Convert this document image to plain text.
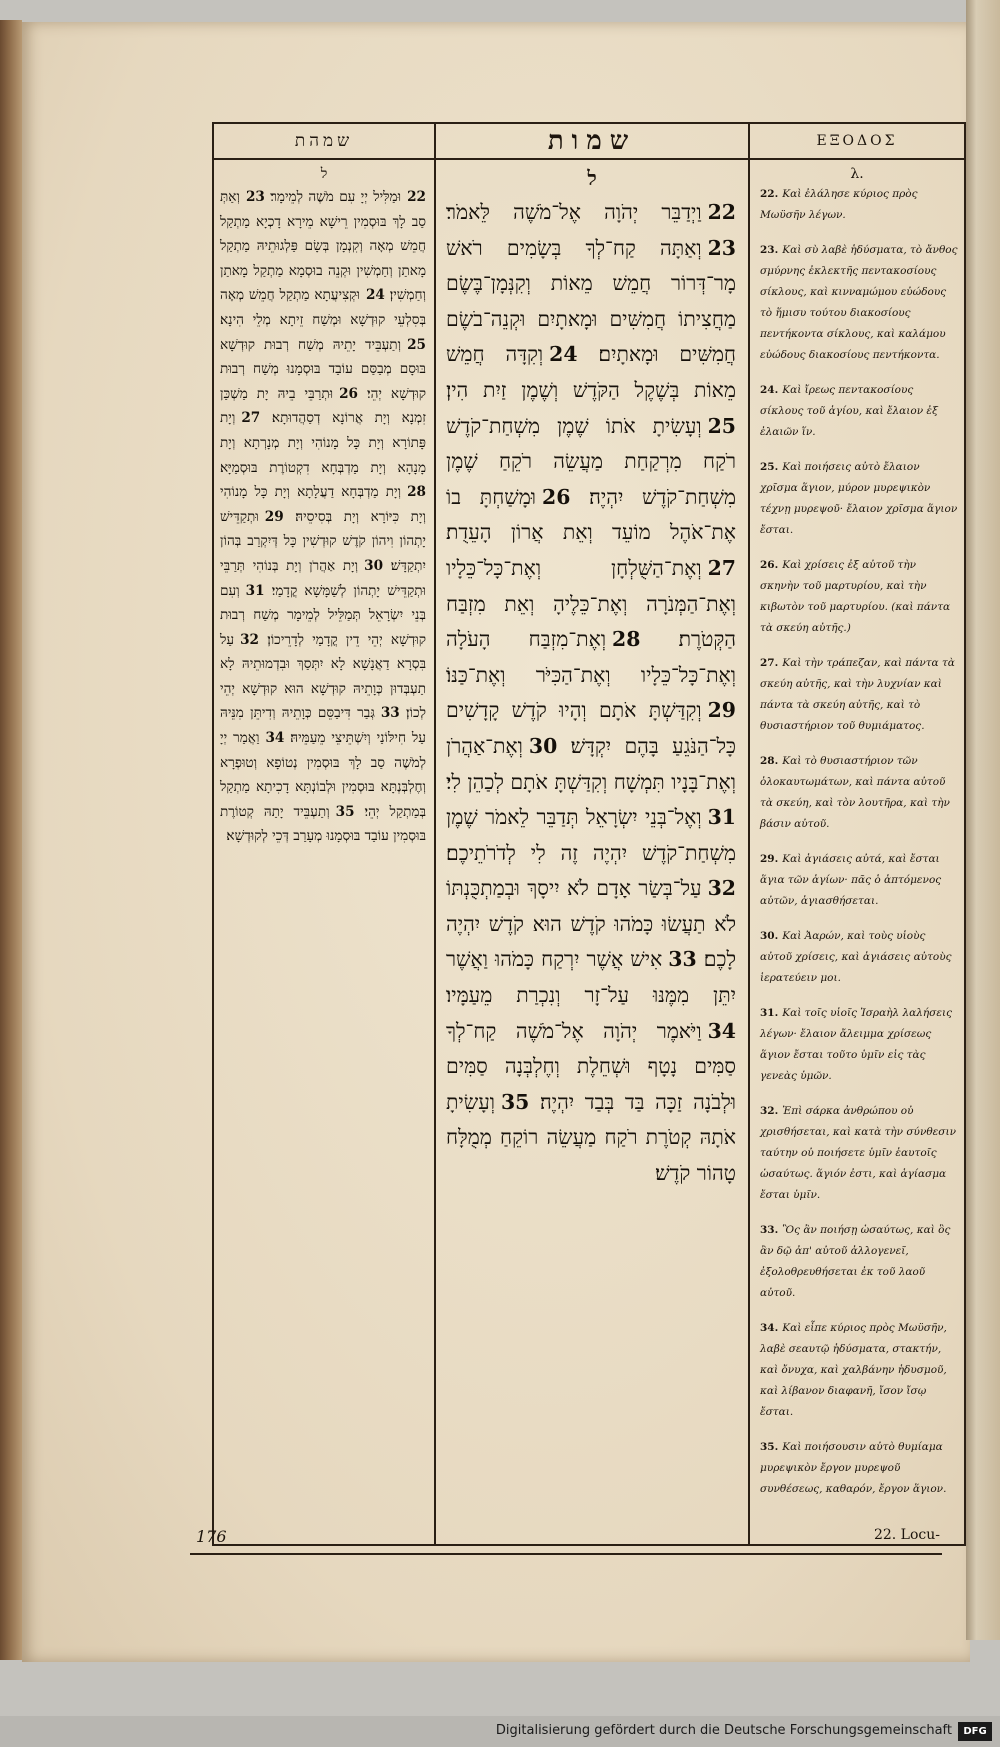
שמהת
ל
22וּמַלִּיל יְיָ עִם מֹשֶׁה לְמֵימָר׃ 23וְאַתְּ סַב לָךְ בּוּסְמִין רֵישָׁא מֵירָא דָכְיָא מַתְקַל חֲמֵשׁ מְאָה וְקִנְמָן בְּשָׂם פַּלְגוּתֵיהּ מַתְקַל מָאתַן וְחַמְשִׁין וּקְנֵה בוּסְמָא מַתְקַל מָאתַן וְחַמְשִׁין׃ 24וּקְצִיעֲתָא מַתְקַל חֲמֵשׁ מְאָה בְּסִלְעֵי קוּדְשָׁא וּמְשַׁח זֵיתָא מְלֵי הִינָא׃ 25וְתַעְבֵּיד יָתֵיהּ מְשַׁח רְבוּת קוּדְשָׁא בּוּסָם מְבַסַּם עוֹבַד בּוּסְמָנוּ מְשַׁח רְבוּת קוּדְשָׁא יְהֵי׃ 26וּתְרַבֵּי בֵיהּ יָת מַשְׁכַּן זִמְנָא וְיָת אֲרוֹנָא דְסַהֲדוּתָא׃ 27וְיָת פָּתוֹרָא וְיָת כָּל מָנוֹהִי וְיָת מְנָרְתָא וְיָת מָנָהָא וְיָת מַדְבְּחָא דִקְטוֹרֶת בּוּסְמַיָּא׃ 28וְיָת מַדְבְּחָא דַעֲלָתָא וְיָת כָּל מָנוֹהִי וְיָת כִּיּוֹרָא וְיָת בְּסִיסֵיהּ׃ 29וּתְקַדֵּישׁ יָתְהוֹן וִיהוֹן קֹדֶשׁ קוּדְשִׁין כָּל דְּיִקְרַב בְּהוֹן יִתְקַדָּשׁ׃ 30וְיָת אַהֲרֹן וְיָת בְּנוֹהִי תְּרַבֵּי וּתְקַדֵּישׁ יָתְהוֹן לְשַׁמָּשָׁא קֳדָמַי׃ 31וְעִם בְּנֵי יִשְׂרָאֵל תְּמַלֵּיל לְמֵימָר מְשַׁח רְבוּת קוּדְשָׁא יְהֵי דֵין קֳדָמַי לְדָרֵיכוֹן׃ 32עַל בִּסְרָא דַאֲנָשָׁא לָא יִתְּסַךְ וּבִדְמוּתֵיהּ לָא תַעְבְּדוּן כְּוָתֵיהּ קוּדְשָׁא הוּא קוּדְשָׁא יְהֵי לְכוֹן׃ 33גְּבַר דִּיבַסֵּם כְּוָתֵיהּ וְדִיתֵּן מִנֵּיהּ עַל חִילּוֹנַי וְיִשְׁתֵּיצֵי מֵעַמֵּיהּ׃ 34וַאֲמַר יְיָ לְמֹשֶׁה סַב לָךְ בּוּסְמִין נְטוֹפָא וְטוּפְרָא וְחֶלְבְּנְתָּא בּוּסְמִין וּלְבוֹנְתָּא דָכִיתָא מַתְקַל בְּמַתְקַל יְהֵי׃ 35וְתַעְבֵּיד יָתַהּ קְטוֹרֶת בּוּסְמִין עוֹבַד בּוּסְמָנוּ מְעָרַב דְּכֵי לְקוּדְשָׁא׃
שמות
ל
22וַיְדַבֵּר יְהֹוָה אֶל־מֹשֶׁה לֵּאמֹר׃ 23וְאַתָּה קַח־לְךָ בְּשָׂמִים רֹאשׁ מָר־דְּרוֹר חֲמֵשׁ מֵאוֹת וְקִנְּמָן־בֶּשֶׂם מַחֲצִיתוֹ חֲמִשִּׁים וּמָאתָיִם וּקְנֵה־בֹשֶׂם חֲמִשִּׁים וּמָאתָיִם׃ 24וְקִדָּה חֲמֵשׁ מֵאוֹת בְּשֶׁקֶל הַקֹּדֶשׁ וְשֶׁמֶן זַיִת הִין׃ 25וְעָשִׂיתָ אֹתוֹ שֶׁמֶן מִשְׁחַת־קֹדֶשׁ רֹקַח מִרְקַחַת מַעֲשֵׂה רֹקֵחַ שֶׁמֶן מִשְׁחַת־קֹדֶשׁ יִהְיֶה׃ 26וּמָשַׁחְתָּ בוֹ אֶת־אֹהֶל מוֹעֵד וְאֵת אֲרוֹן הָעֵדֻת׃ 27וְאֶת־הַשֻּׁלְחָן וְאֶת־כָּל־כֵּלָיו וְאֶת־הַמְּנֹרָה וְאֶת־כֵּלֶיהָ וְאֵת מִזְבַּח הַקְּטֹרֶת׃ 28וְאֶת־מִזְבַּח הָעֹלָה וְאֶת־כָּל־כֵּלָיו וְאֶת־הַכִּיֹּר וְאֶת־כַּנּוֹ׃ 29וְקִדַּשְׁתָּ אֹתָם וְהָיוּ קֹדֶשׁ קָדָשִׁים כָּל־הַנֹּגֵעַ בָּהֶם יִקְדָּשׁ׃ 30וְאֶת־אַהֲרֹן וְאֶת־בָּנָיו תִּמְשָׁח וְקִדַּשְׁתָּ אֹתָם לְכַהֵן לִי׃ 31וְאֶל־בְּנֵי יִשְׂרָאֵל תְּדַבֵּר לֵאמֹר שֶׁמֶן מִשְׁחַת־קֹדֶשׁ יִהְיֶה זֶה לִי לְדֹרֹתֵיכֶם׃ 32עַל־בְּשַׂר אָדָם לֹא יִיסָךְ וּבְמַתְכֻּנְתּוֹ לֹא תַעֲשׂוּ כָּמֹהוּ קֹדֶשׁ הוּא קֹדֶשׁ יִהְיֶה לָכֶם׃ 33אִישׁ אֲשֶׁר יִרְקַח כָּמֹהוּ וַאֲשֶׁר יִתֵּן מִמֶּנּוּ עַל־זָר וְנִכְרַת מֵעַמָּיו׃ 34וַיֹּאמֶר יְהֹוָה אֶל־מֹשֶׁה קַח־לְךָ סַמִּים נָטָף וּשְׁחֵלֶת וְחֶלְבְּנָה סַמִּים וּלְבֹנָה זַכָּה בַּד בְּבַד יִהְיֶה׃ 35וְעָשִׂיתָ אֹתָהּ קְטֹרֶת רֹקַח מַעֲשֵׂה רוֹקֵחַ מְמֻלָּח טָהוֹר קֹדֶשׁ׃
ΕΞΟΔΟΣ
λ.
22. Καὶ ἐλάλησε κύριος πρὸς Μωϋσῆν λέγων.
23. Καὶ σὺ λαβὲ ἡδύσματα, τὸ ἄνθος σμύρνης ἐκλεκτῆς πεντακοσίους σίκλους, καὶ κινναμώμου εὐώδους τὸ ἥμισυ τούτου διακοσίους πεντήκοντα σίκλους, καὶ καλάμου εὐώδους διακοσίους πεντήκοντα.
24. Καὶ ἴρεως πεντακοσίους σίκλους τοῦ ἁγίου, καὶ ἔλαιον ἐξ ἐλαιῶν ἵν.
25. Καὶ ποιήσεις αὐτὸ ἔλαιον χρῖσμα ἅγιον, μύρον μυρεψικὸν τέχνῃ μυρεψοῦ· ἔλαιον χρῖσμα ἅγιον ἔσται.
26. Καὶ χρίσεις ἐξ αὐτοῦ τὴν σκηνὴν τοῦ μαρτυρίου, καὶ τὴν κιβωτὸν τοῦ μαρτυρίου. (καὶ πάντα τὰ σκεύη αὐτῆς.)
27. Καὶ τὴν τράπεζαν, καὶ πάντα τὰ σκεύη αὐτῆς, καὶ τὴν λυχνίαν καὶ πάντα τὰ σκεύη αὐτῆς, καὶ τὸ θυσιαστήριον τοῦ θυμιάματος.
28. Καὶ τὸ θυσιαστήριον τῶν ὁλοκαυτωμάτων, καὶ πάντα αὐτοῦ τὰ σκεύη, καὶ τὸν λουτῆρα, καὶ τὴν βάσιν αὐτοῦ.
29. Καὶ ἁγιάσεις αὐτά, καὶ ἔσται ἅγια τῶν ἁγίων· πᾶς ὁ ἁπτόμενος αὐτῶν, ἁγιασθήσεται.
30. Καὶ Ἀαρών, καὶ τοὺς υἱοὺς αὐτοῦ χρίσεις, καὶ ἁγιάσεις αὐτοὺς ἱερατεύειν μοι.
31. Καὶ τοῖς υἱοῖς Ἰσραὴλ λαλήσεις λέγων· ἔλαιον ἄλειμμα χρίσεως ἅγιον ἔσται τοῦτο ὑμῖν εἰς τὰς γενεὰς ὑμῶν.
32. Ἐπὶ σάρκα ἀνθρώπου οὐ χρισθήσεται, καὶ κατὰ τὴν σύνθεσιν ταύτην οὐ ποιήσετε ὑμῖν ἑαυτοῖς ὡσαύτως. ἅγιόν ἐστι, καὶ ἁγίασμα ἔσται ὑμῖν.
33. Ὃς ἂν ποιήσῃ ὡσαύτως, καὶ ὃς ἂν δῷ ἀπ' αὐτοῦ ἀλλογενεῖ, ἐξολοθρευθήσεται ἐκ τοῦ λαοῦ αὐτοῦ.
34. Καὶ εἶπε κύριος πρὸς Μωϋσῆν, λαβὲ σεαυτῷ ἡδύσματα, στακτήν, καὶ ὄνυχα, καὶ χαλβάνην ἡδυσμοῦ, καὶ λίβανον διαφανῆ, ἴσον ἴσῳ ἔσται.
35. Καὶ ποιήσουσιν αὐτὸ θυμίαμα μυρεψικὸν ἔργον μυρεψοῦ συνθέσεως, καθαρόν, ἔργον ἅγιον.
176	22. Locu-
Digitalisierung gefördert durch die Deutsche Forschungsgemeinschaft	DFG
